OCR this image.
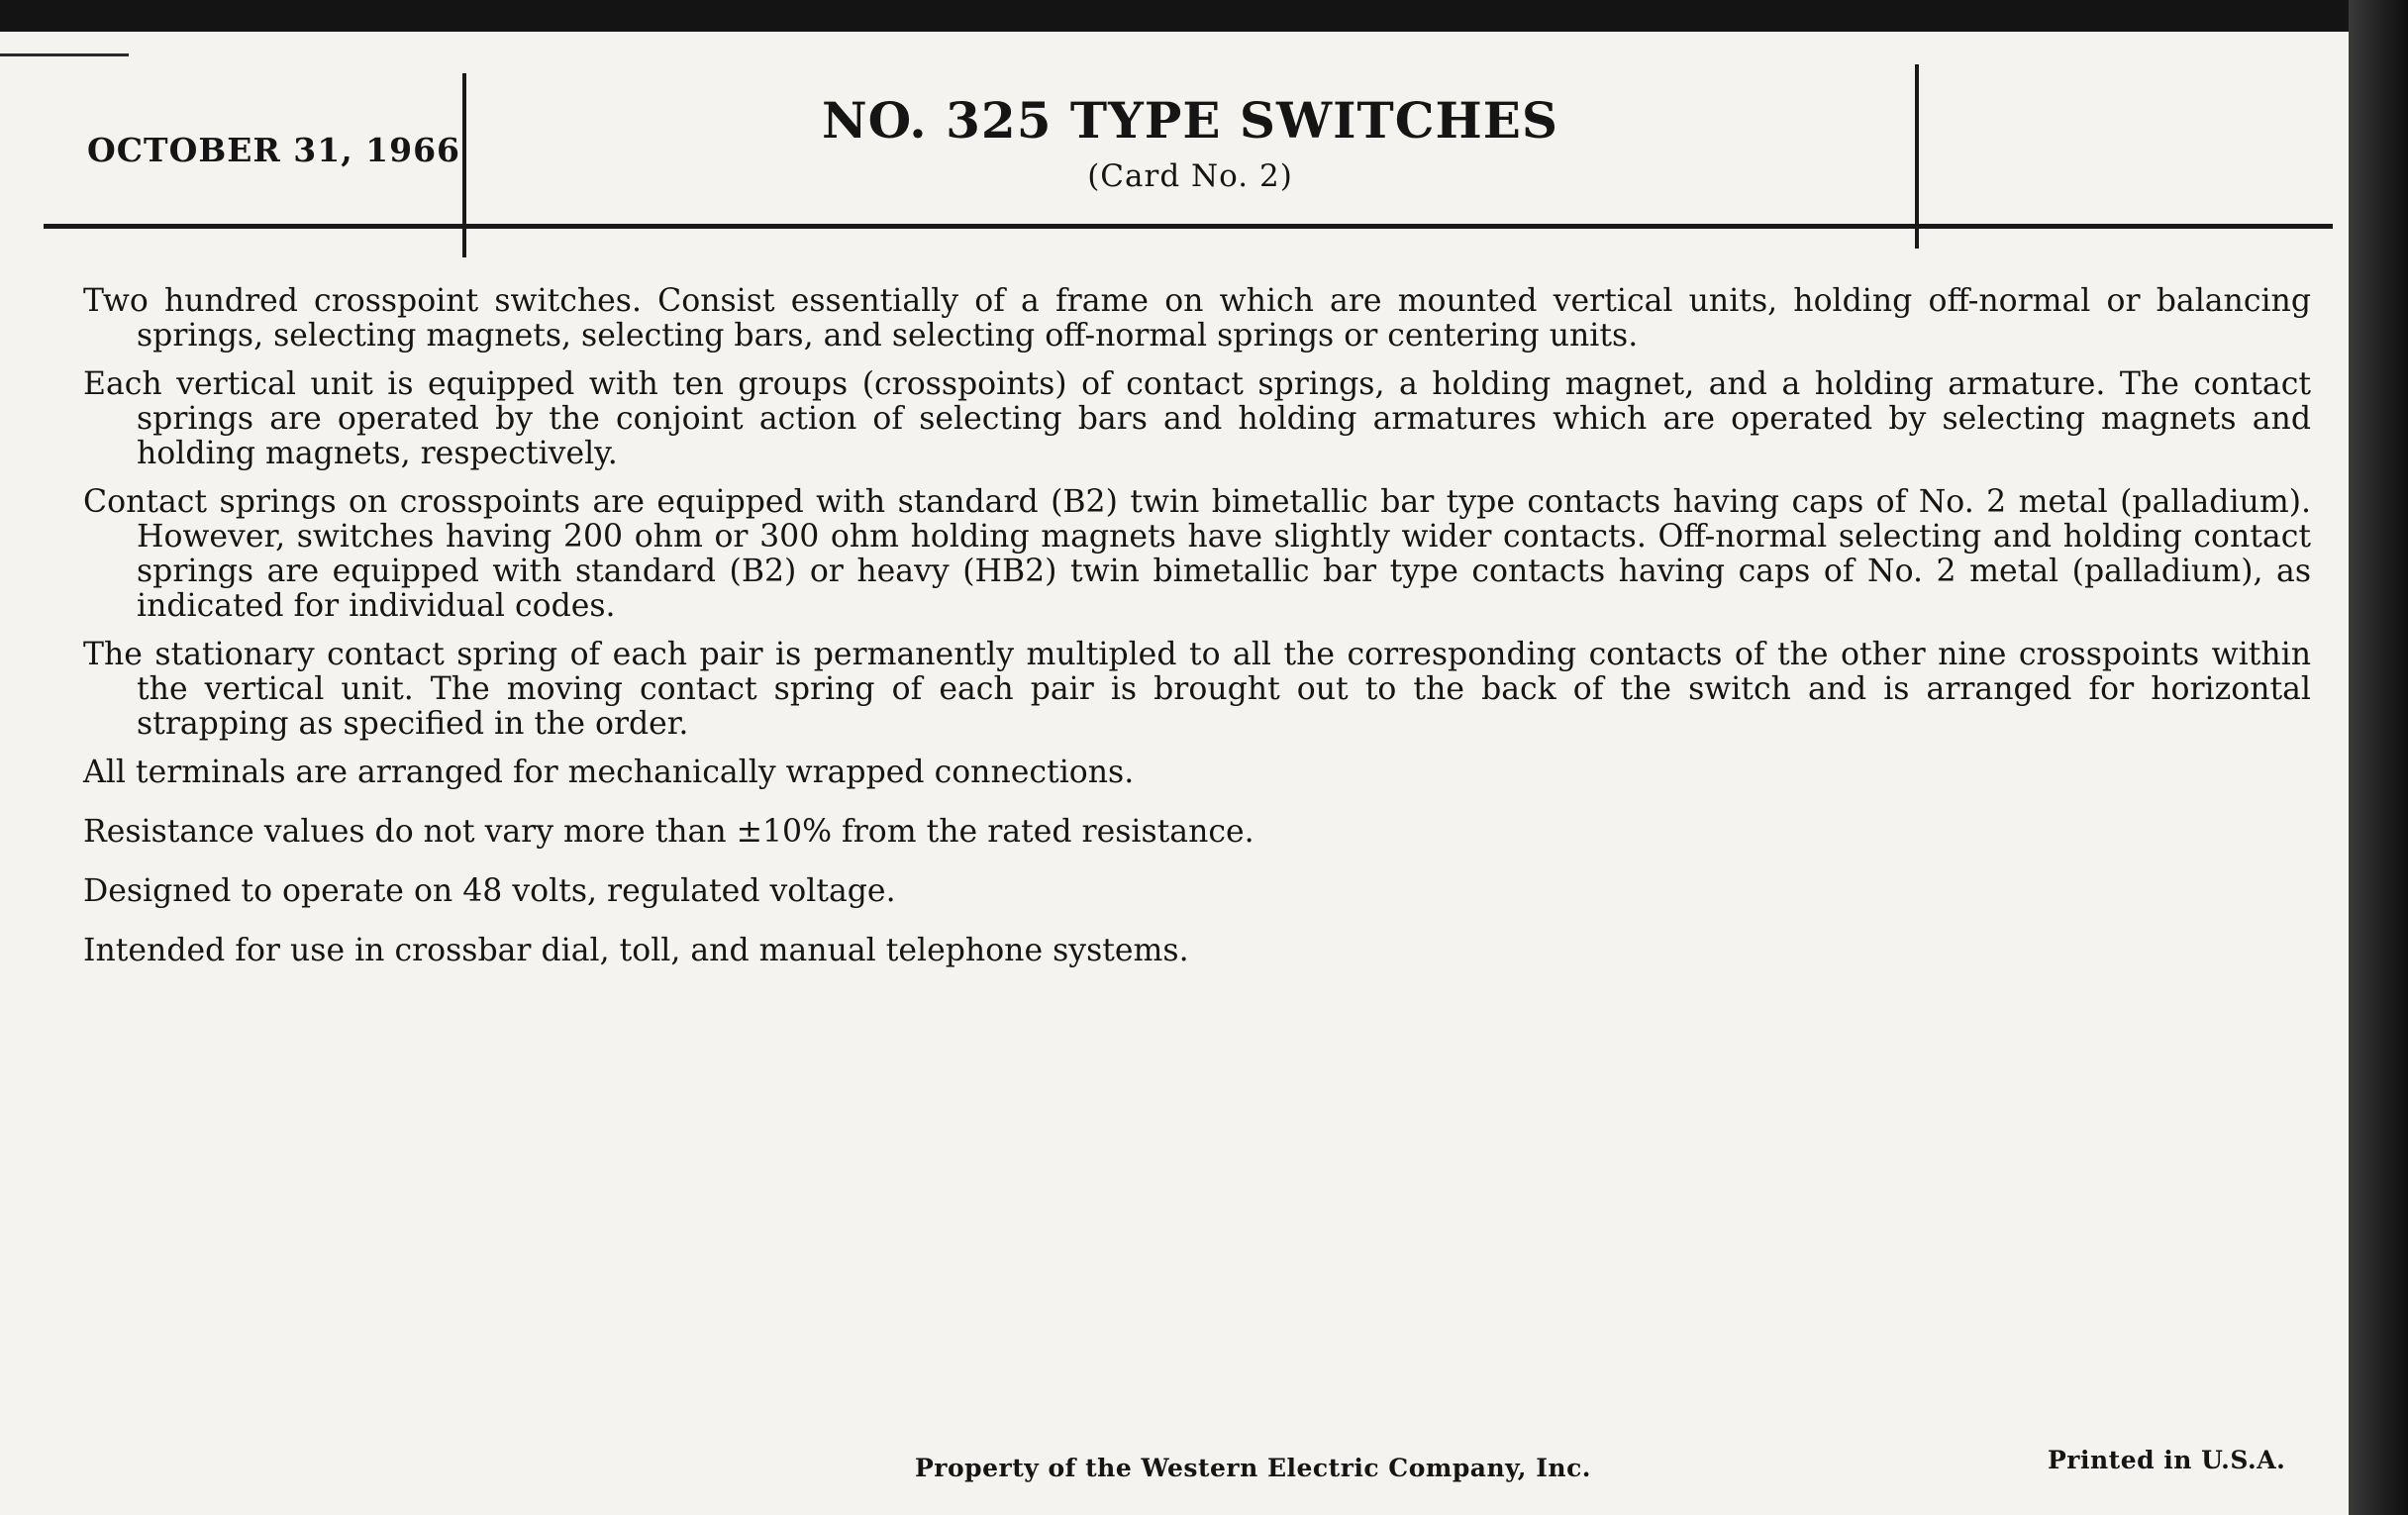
OCTOBER 31, 1966
NO. 325 TYPE SWITCHES
(Card No. 2)

Two hundred crosspoint switches. Consist essentially of a frame on which are mounted vertical units, holding off-normal or balancing springs, selecting magnets, selecting bars, and selecting off-normal springs or centering units.

Each vertical unit is equipped with ten groups (crosspoints) of contact springs, a holding magnet, and a holding armature. The contact springs are operated by the conjoint action of selecting bars and holding armatures which are operated by selecting magnets and holding magnets, respectively.

Contact springs on crosspoints are equipped with standard (B2) twin bimetallic bar type contacts having caps of No. 2 metal (palladium). However, switches having 200 ohm or 300 ohm holding magnets have slightly wider contacts. Off-normal selecting and holding contact springs are equipped with standard (B2) or heavy (HB2) twin bimetallic bar type contacts having caps of No. 2 metal (palladium), as indicated for individual codes.

The stationary contact spring of each pair is permanently multipled to all the corresponding contacts of the other nine crosspoints within the vertical unit. The moving contact spring of each pair is brought out to the back of the switch and is arranged for horizontal strapping as specified in the order.

All terminals are arranged for mechanically wrapped connections.

Resistance values do not vary more than ±10% from the rated resistance.

Designed to operate on 48 volts, regulated voltage.

Intended for use in crossbar dial, toll, and manual telephone systems.

Property of the Western Electric Company, Inc.	Printed in U.S.A.
